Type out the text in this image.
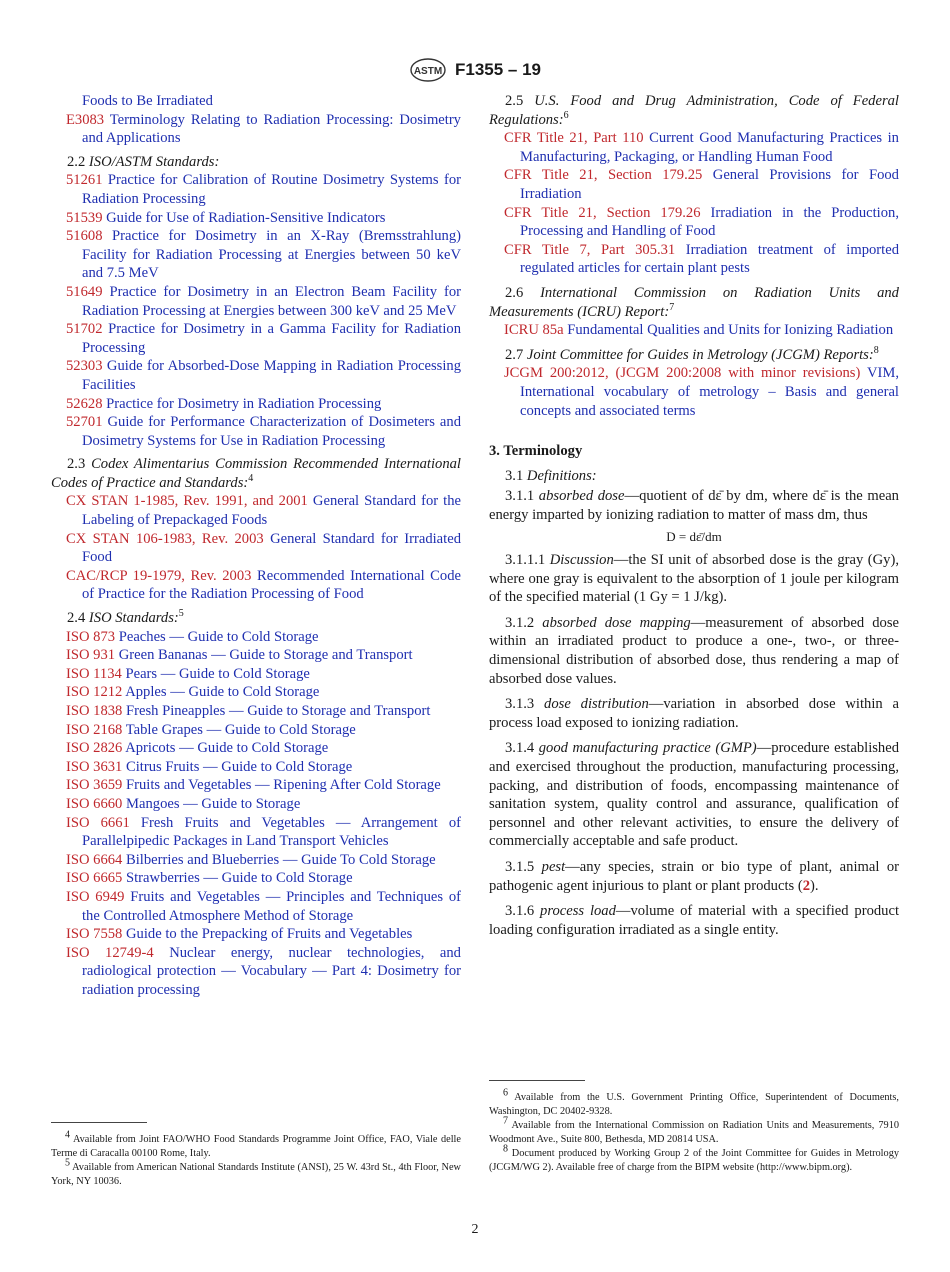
ASTM F1355 – 19
Foods to Be Irradiated
E3083 Terminology Relating to Radiation Processing: Dosimetry and Applications
2.2 ISO/ASTM Standards:
51261 Practice for Calibration of Routine Dosimetry Systems for Radiation Processing
51539 Guide for Use of Radiation-Sensitive Indicators
51608 Practice for Dosimetry in an X-Ray (Bremsstrahlung) Facility for Radiation Processing at Energies between 50 keV and 7.5 MeV
51649 Practice for Dosimetry in an Electron Beam Facility for Radiation Processing at Energies between 300 keV and 25 MeV
51702 Practice for Dosimetry in a Gamma Facility for Radiation Processing
52303 Guide for Absorbed-Dose Mapping in Radiation Processing Facilities
52628 Practice for Dosimetry in Radiation Processing
52701 Guide for Performance Characterization of Dosimeters and Dosimetry Systems for Use in Radiation Processing
2.3 Codex Alimentarius Commission Recommended International Codes of Practice and Standards:$^4$
CX STAN 1-1985, Rev. 1991, and 2001 General Standard for the Labeling of Prepackaged Foods
CX STAN 106-1983, Rev. 2003 General Standard for Irradiated Food
CAC/RCP 19-1979, Rev. 2003 Recommended International Code of Practice for the Radiation Processing of Food
2.4 ISO Standards:$^5$
ISO 873 Peaches — Guide to Cold Storage
ISO 931 Green Bananas — Guide to Storage and Transport
ISO 1134 Pears — Guide to Cold Storage
ISO 1212 Apples — Guide to Cold Storage
ISO 1838 Fresh Pineapples — Guide to Storage and Transport
ISO 2168 Table Grapes — Guide to Cold Storage
ISO 2826 Apricots — Guide to Cold Storage
ISO 3631 Citrus Fruits — Guide to Cold Storage
ISO 3659 Fruits and Vegetables — Ripening After Cold Storage
ISO 6660 Mangoes — Guide to Storage
ISO 6661 Fresh Fruits and Vegetables — Arrangement of Parallelpipedic Packages in Land Transport Vehicles
ISO 6664 Bilberries and Blueberries — Guide To Cold Storage
ISO 6665 Strawberries — Guide to Cold Storage
ISO 6949 Fruits and Vegetables — Principles and Techniques of the Controlled Atmosphere Method of Storage
ISO 7558 Guide to the Prepacking of Fruits and Vegetables
ISO 12749-4 Nuclear energy, nuclear technologies, and radiological protection — Vocabulary — Part 4: Dosimetry for radiation processing

$^4$ Available from Joint FAO/WHO Food Standards Programme Joint Office, FAO, Viale delle Terme di Caracalla 00100 Rome, Italy.

$^5$ Available from American National Standards Institute (ANSI), 25 W. 43rd St., 4th Floor, New York, NY 10036.

2.5 U.S. Food and Drug Administration, Code of Federal Regulations:$^6$
CFR Title 21, Part 110 Current Good Manufacturing Practices in Manufacturing, Packaging, or Handling Human Food
CFR Title 21, Section 179.25 General Provisions for Food Irradiation
CFR Title 21, Section 179.26 Irradiation in the Production, Processing and Handling of Food
CFR Title 7, Part 305.31 Irradiation treatment of imported regulated articles for certain plant pests
2.6 International Commission on Radiation Units and Measurements (ICRU) Report:$^7$
ICRU 85a Fundamental Qualities and Units for Ionizing Radiation
2.7 Joint Committee for Guides in Metrology (JCGM) Reports:$^8$
JCGM 200:2012, (JCGM 200:2008 with minor revisions) VIM, International vocabulary of metrology – Basis and general concepts and associated terms
3. Terminology
3.1 Definitions:
3.1.1 absorbed dose—quotient of dε̄ by dm, where dε̄ is the mean energy imparted by ionizing radiation to matter of mass dm, thus
D = dε̄/dm
3.1.1.1 Discussion—the SI unit of absorbed dose is the gray (Gy), where one gray is equivalent to the absorption of 1 joule per kilogram of the specified material (1 Gy = 1 J/kg).
3.1.2 absorbed dose mapping—measurement of absorbed dose within an irradiated product to produce a one-, two-, or three-dimensional distribution of absorbed dose, thus rendering a map of absorbed dose values.
3.1.3 dose distribution—variation in absorbed dose within a process load exposed to ionizing radiation.
3.1.4 good manufacturing practice (GMP)—procedure established and exercised throughout the production, manufacturing processing, packing, and distribution of foods, encompassing maintenance of sanitation system, quality control and assurance, qualification of personnel and other relevant activities, to ensure the delivery of commercially acceptable and safe product.
3.1.5 pest—any species, strain or bio type of plant, animal or pathogenic agent injurious to plant or plant products (2).
3.1.6 process load—volume of material with a specified product loading configuration irradiated as a single entity.

$^6$ Available from the U.S. Government Printing Office, Superintendent of Documents, Washington, DC 20402-9328.

$^7$ Available from the International Commission on Radiation Units and Measurements, 7910 Woodmont Ave., Suite 800, Bethesda, MD 20814 USA.

$^8$ Document produced by Working Group 2 of the Joint Committee for Guides in Metrology (JCGM/WG 2). Available free of charge from the BIPM website (http://www.bipm.org).

2
